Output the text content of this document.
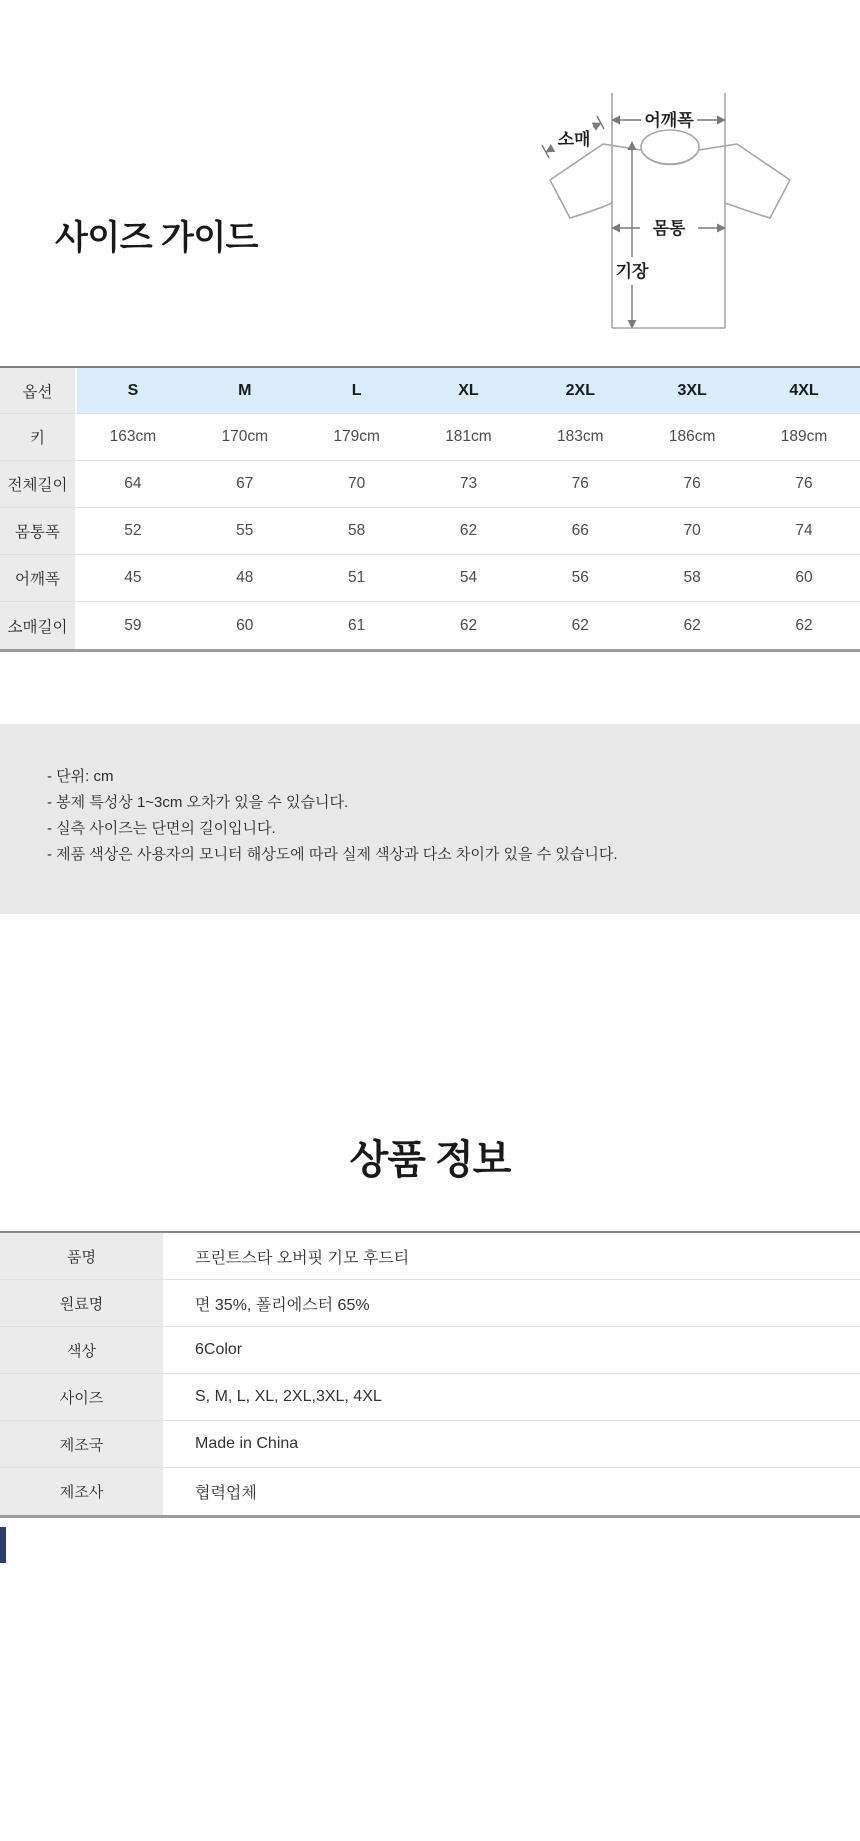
사이즈 가이드
어깨폭
소매
몸통
기장
옵션	S	M	L	XL	2XL	3XL	4XL
키	163cm	170cm	179cm	181cm	183cm	186cm	189cm
전체길이	64	67	70	73	76	76	76
몸통폭	52	55	58	62	66	70	74
어깨폭	45	48	51	54	56	58	60
소매길이	59	60	61	62	62	62	62

- 단위: cm

- 봉제 특성상 1~3cm 오차가 있을 수 있습니다.

- 실측 사이즈는 단면의 길이입니다.

- 제품 색상은 사용자의 모니터 해상도에 따라 실제 색상과 다소 차이가 있을 수 있습니다.

상품 정보
품명	프린트스타 오버핏 기모 후드티
원료명	면 35%, 폴리에스터 65%
색상	6Color
사이즈	S, M, L, XL, 2XL,3XL, 4XL
제조국	Made in China
제조사	협력업체
